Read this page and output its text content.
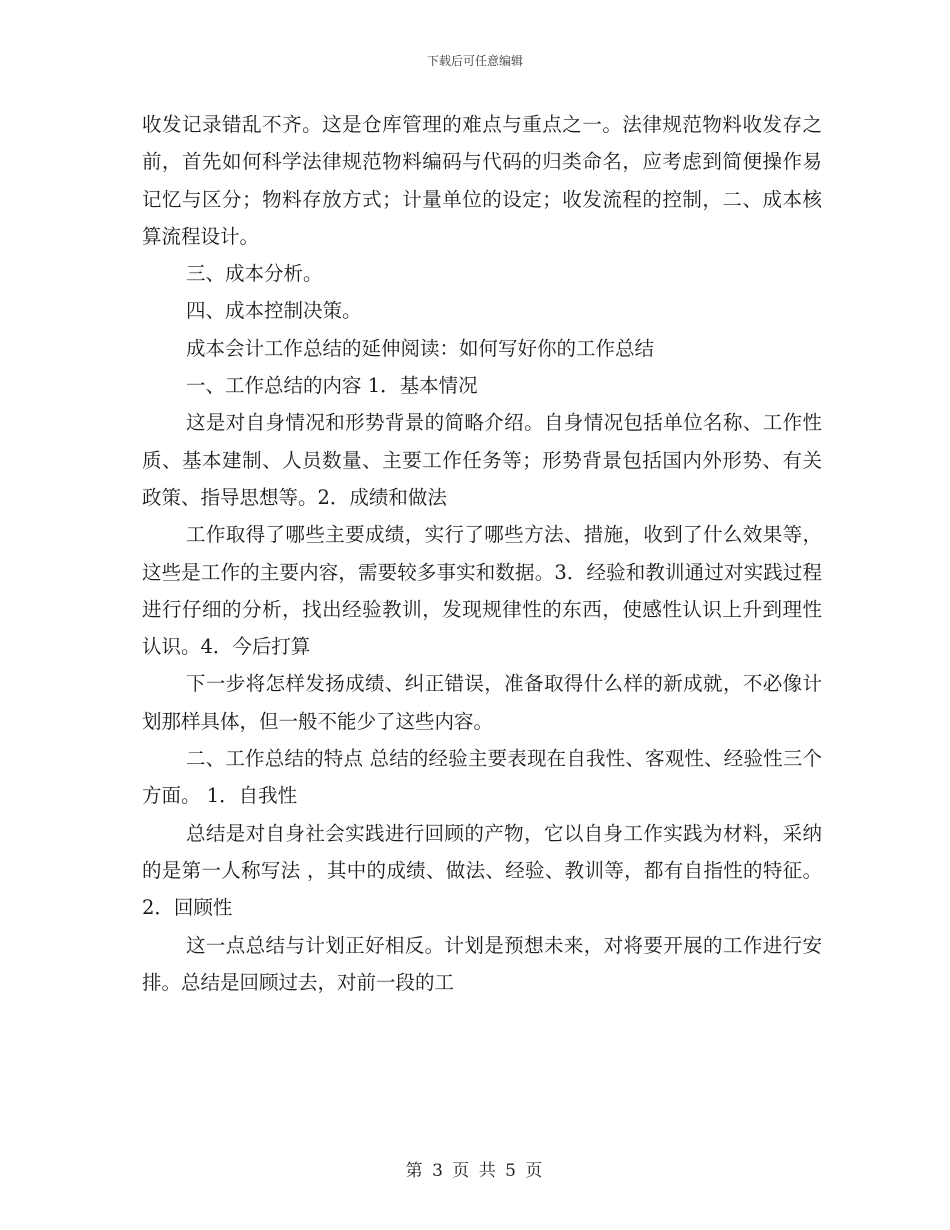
下载后可任意编辑

收发记录错乱不齐。这是仓库管理的难点与重点之一。法律规范物料收发存之前，首先如何科学法律规范物料编码与代码的归类命名，应考虑到简便操作易记忆与区分；物料存放方式；计量单位的设定；收发流程的控制，二、成本核算流程设计。

三、成本分析。

四、成本控制决策。

成本会计工作总结的延伸阅读：如何写好你的工作总结

一、工作总结的内容 1．基本情况

这是对自身情况和形势背景的简略介绍。自身情况包括单位名称、工作性质、基本建制、人员数量、主要工作任务等；形势背景包括国内外形势、有关政策、指导思想等。2．成绩和做法

工作取得了哪些主要成绩，实行了哪些方法、措施，收到了什么效果等，这些是工作的主要内容，需要较多事实和数据。3．经验和教训通过对实践过程进行仔细的分析，找出经验教训，发现规律性的东西，使感性认识上升到理性认识。4．今后打算

下一步将怎样发扬成绩、纠正错误，准备取得什么样的新成就，不必像计划那样具体，但一般不能少了这些内容。

二、工作总结的特点 总结的经验主要表现在自我性、客观性、经验性三个方面。 1．自我性

总结是对自身社会实践进行回顾的产物，它以自身工作实践为材料，采纳的是第一人称写法 ，其中的成绩、做法、经验、教训等，都有自指性的特征。2．回顾性

这一点总结与计划正好相反。计划是预想未来，对将要开展的工作进行安排。总结是回顾过去，对前一段的工

第 3 页 共 5 页
